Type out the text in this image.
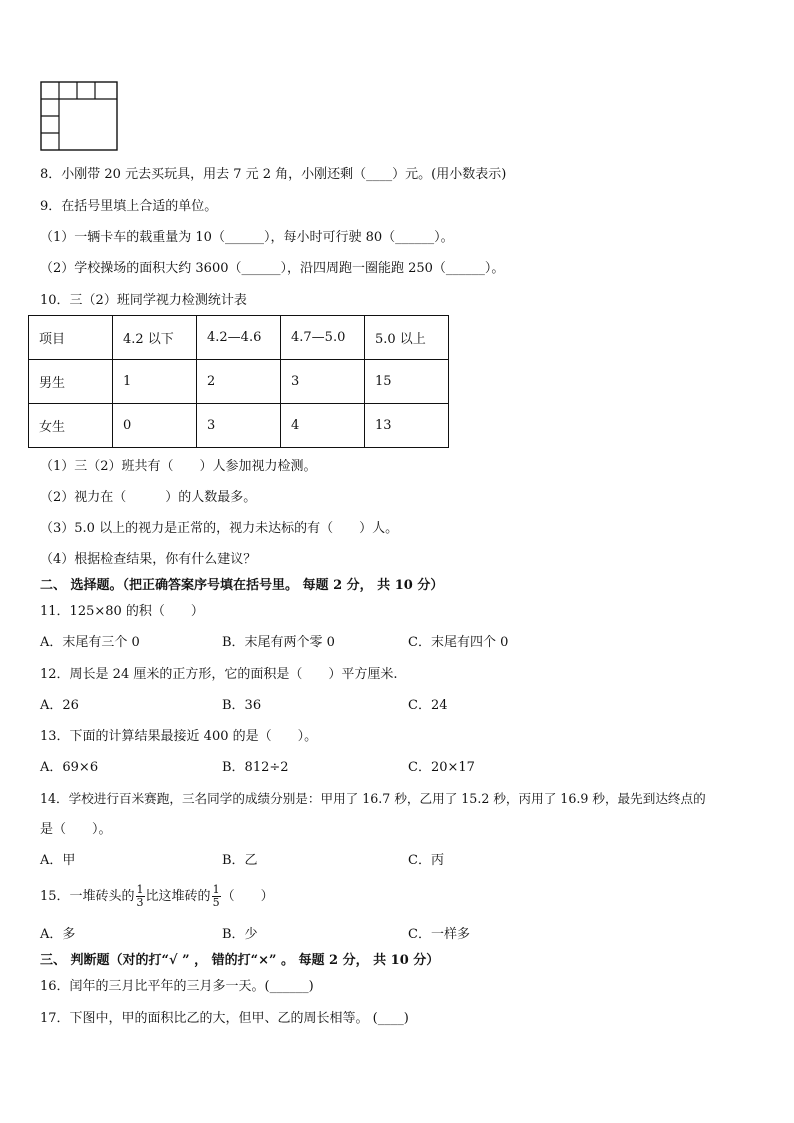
8．小刚带 20 元去买玩具，用去 7 元 2 角，小刚还剩（____）元。(用小数表示)
9．在括号里填上合适的单位。
（1）一辆卡车的载重量为 10（______），每小时可行驶 80（______）。
（2）学校操场的面积大约 3600（______），沿四周跑一圈能跑 250（______）。
10．三（2）班同学视力检测统计表
项目	4.2 以下	4.2—4.6	4.7—5.0	5.0 以上
男生	1	2	3	15
女生	0	3	4	13
（1）三（2）班共有（　　）人参加视力检测。
（2）视力在（　　　）的人数最多。
（3）5.0 以上的视力是正常的，视力未达标的有（　　）人。
（4）根据检查结果，你有什么建议？
二、 选择题。（把正确答案序号填在括号里。 每题 2 分， 共 10 分）
11．125×80 的积（　　）
A．末尾有三个 0	B．末尾有两个零 0	C．末尾有四个 0
12．周长是 24 厘米的正方形，它的面积是（　　）平方厘米.
A．26	B．36	C．24
13．下面的计算结果最接近 400 的是（　　）。
A．69×6	B．812÷2	C．20×17
14．学校进行百米赛跑，三名同学的成绩分别是：甲用了 16.7 秒，乙用了 15.2 秒，丙用了 16.9 秒，最先到达终点的
是（　　）。
A．甲	B．乙	C．丙
15．一堆砖头的 $\frac{1}{3}$ 比这堆砖的 $\frac{1}{5}$ （　　）
A．多	B．少	C．一样多
三、 判断题（对的打“√ ” ， 错的打“×” 。 每题 2 分， 共 10 分）
16．闰年的三月比平年的三月多一天。(______)
17．下图中，甲的面积比乙的大，但甲、乙的周长相等。 (____)
